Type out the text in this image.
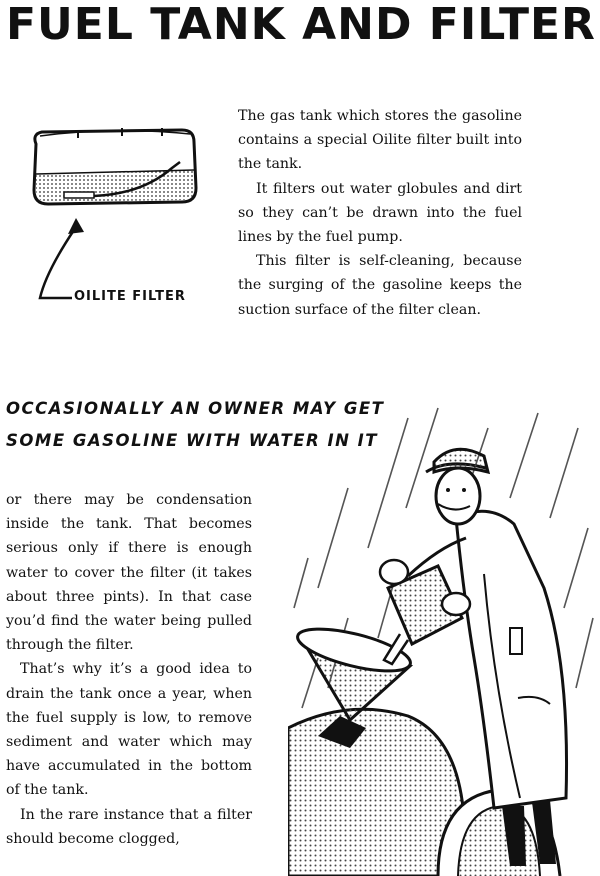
FUEL TANK AND FILTER
OILITE FILTER

The gas tank which stores the gasoline contains a special Oilite filter built into the tank.

It filters out water globules and dirt so they can’t be drawn into the fuel lines by the fuel pump.

This filter is self-cleaning, because the surging of the gasoline keeps the suction surface of the filter clean.

OCCASIONALLY AN OWNER MAY GET
SOME GASOLINE WITH WATER IN IT

or there may be condensation inside the tank. That becomes serious only if there is enough water to cover the filter (it takes about three pints). In that case you’d find the water being pulled through the filter.

That’s why it’s a good idea to drain the tank once a year, when the fuel supply is low, to remove sediment and water which may have accumulated in the bottom of the tank.

In the rare instance that a filter should become clogged,
